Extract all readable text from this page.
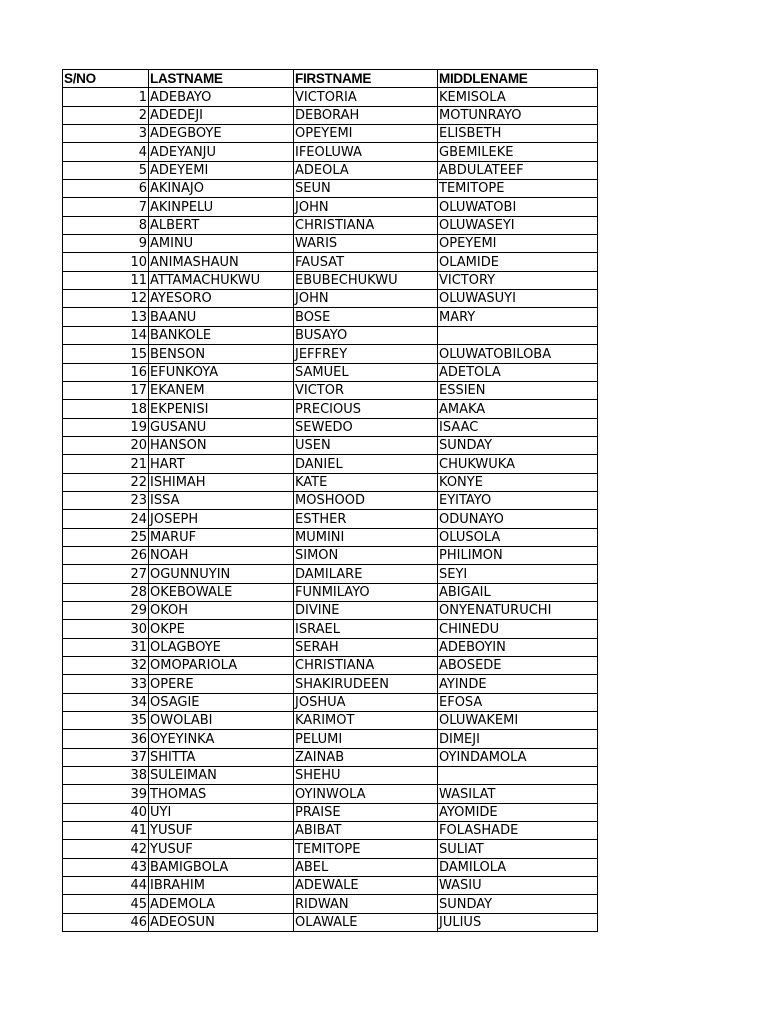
S/NO	LASTNAME	FIRSTNAME	MIDDLENAME
1	ADEBAYO	VICTORIA	KEMISOLA
2	ADEDEJI	DEBORAH	MOTUNRAYO
3	ADEGBOYE	OPEYEMI	ELISBETH
4	ADEYANJU	IFEOLUWA	GBEMILEKE
5	ADEYEMI	ADEOLA	ABDULATEEF
6	AKINAJO	SEUN	TEMITOPE
7	AKINPELU	JOHN	OLUWATOBI
8	ALBERT	CHRISTIANA	OLUWASEYI
9	AMINU	WARIS	OPEYEMI
10	ANIMASHAUN	FAUSAT	OLAMIDE
11	ATTAMACHUKWU	EBUBECHUKWU	VICTORY
12	AYESORO	JOHN	OLUWASUYI
13	BAANU	BOSE	MARY
14	BANKOLE	BUSAYO	
15	BENSON	JEFFREY	OLUWATOBILOBA
16	EFUNKOYA	SAMUEL	ADETOLA
17	EKANEM	VICTOR	ESSIEN
18	EKPENISI	PRECIOUS	AMAKA
19	GUSANU	SEWEDO	ISAAC
20	HANSON	USEN	SUNDAY
21	HART	DANIEL	CHUKWUKA
22	ISHIMAH	KATE	KONYE
23	ISSA	MOSHOOD	EYITAYO
24	JOSEPH	ESTHER	ODUNAYO
25	MARUF	MUMINI	OLUSOLA
26	NOAH	SIMON	PHILIMON
27	OGUNNUYIN	DAMILARE	SEYI
28	OKEBOWALE	FUNMILAYO	ABIGAIL
29	OKOH	DIVINE	ONYENATURUCHI
30	OKPE	ISRAEL	CHINEDU
31	OLAGBOYE	SERAH	ADEBOYIN
32	OMOPARIOLA	CHRISTIANA	ABOSEDE
33	OPERE	SHAKIRUDEEN	AYINDE
34	OSAGIE	JOSHUA	EFOSA
35	OWOLABI	KARIMOT	OLUWAKEMI
36	OYEYINKA	PELUMI	DIMEJI
37	SHITTA	ZAINAB	OYINDAMOLA
38	SULEIMAN	SHEHU	
39	THOMAS	OYINWOLA	WASILAT
40	UYI	PRAISE	AYOMIDE
41	YUSUF	ABIBAT	FOLASHADE
42	YUSUF	TEMITOPE	SULIAT
43	BAMIGBOLA	ABEL	DAMILOLA
44	IBRAHIM	ADEWALE	WASIU
45	ADEMOLA	RIDWAN	SUNDAY
46	ADEOSUN	OLAWALE	JULIUS
